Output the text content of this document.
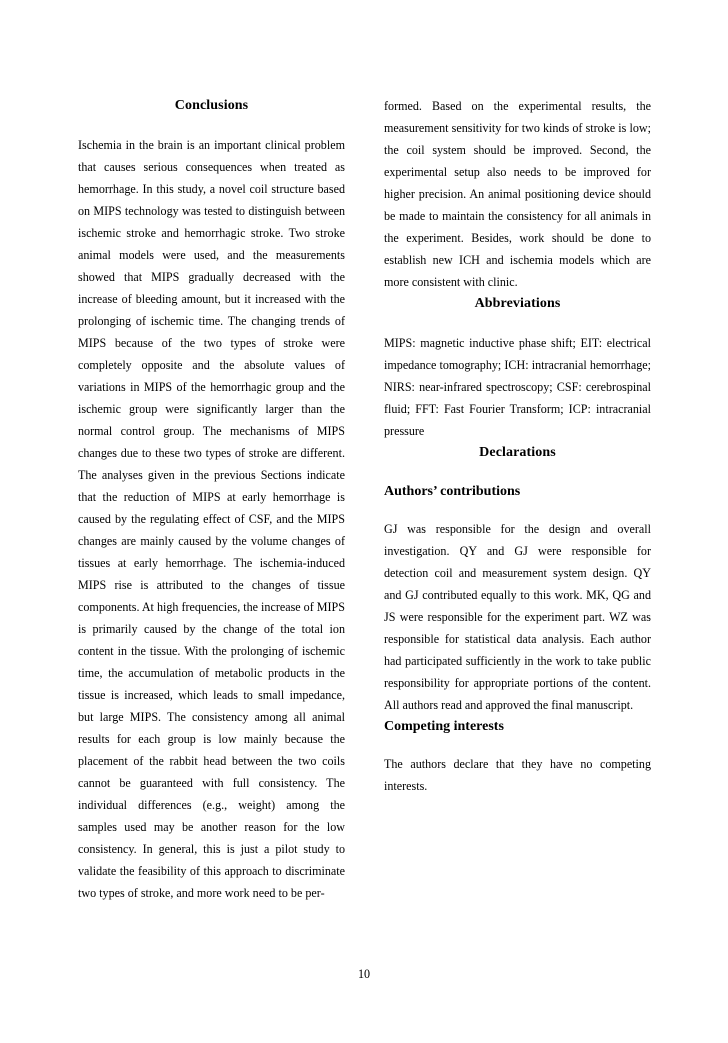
Conclusions

Ischemia in the brain is an important clinical problem that causes serious consequences when treated as hemorrhage. In this study, a novel coil structure based on MIPS technology was tested to distinguish between ischemic stroke and hemorrhagic stroke. Two stroke animal models were used, and the measurements showed that MIPS gradually decreased with the increase of bleeding amount, but it increased with the prolonging of ischemic time. The changing trends of MIPS because of the two types of stroke were completely opposite and the absolute values of variations in MIPS of the hemorrhagic group and the ischemic group were significantly larger than the normal control group. The mechanisms of MIPS changes due to these two types of stroke are different. The analyses given in the previous Sections indicate that the reduction of MIPS at early hemorrhage is caused by the regulating effect of CSF, and the MIPS changes are mainly caused by the volume changes of tissues at early hemorrhage. The ischemia-induced MIPS rise is attributed to the changes of tissue components. At high frequencies, the increase of MIPS is primarily caused by the change of the total ion content in the tissue. With the prolonging of ischemic time, the accumulation of metabolic products in the tissue is increased, which leads to small impedance, but large MIPS. The consistency among all animal results for each group is low mainly because the placement of the rabbit head between the two coils cannot be guaranteed with full consistency. The individual differences (e.g., weight) among the samples used may be another reason for the low consistency. In general, this is just a pilot study to validate the feasibility of this approach to discriminate two types of stroke, and more work need to be per-

formed. Based on the experimental results, the measurement sensitivity for two kinds of stroke is low; the coil system should be improved. Second, the experimental setup also needs to be improved for higher precision. An animal positioning device should be made to maintain the consistency for all animals in the experiment. Besides, work should be done to establish new ICH and ischemia models which are more consistent with clinic.

Abbreviations

MIPS: magnetic inductive phase shift; EIT: electrical impedance tomography; ICH: intracranial hemorrhage; NIRS: near-infrared spectroscopy; CSF: cerebrospinal fluid; FFT: Fast Fourier Transform; ICP: intracranial pressure

Declarations
Authors’ contributions

GJ was responsible for the design and overall investigation. QY and GJ were responsible for detection coil and measurement system design. QY and GJ contributed equally to this work. MK, QG and JS were responsible for the experiment part. WZ was responsible for statistical data analysis. Each author had participated sufficiently in the work to take public responsibility for appropriate portions of the content. All authors read and approved the final manuscript.

Competing interests

The authors declare that they have no competing interests.

10
